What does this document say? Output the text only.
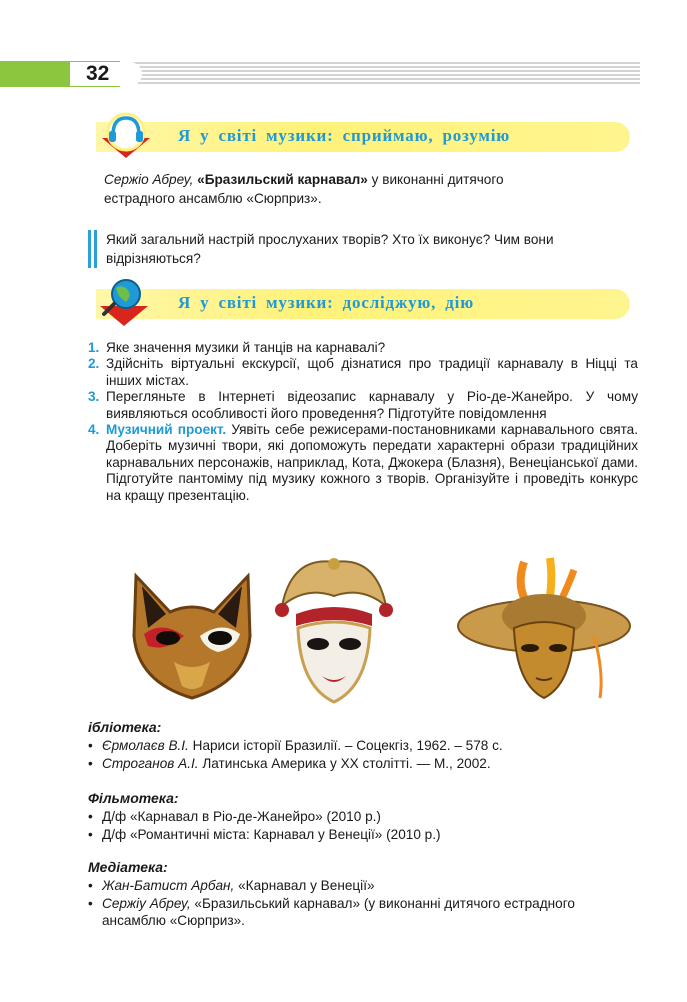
32
Я у світі музики: сприймаю, розумію
Сержіо Абреу, «Бразильский карнавал» у виконанні дитячого
естрадного ансамблю «Сюрприз».
Який загальний настрій прослуханих творів? Хто їх виконує? Чим вони
відрізняються?
Я у світі музики: досліджую, дію
1. Яке значення музики й танців на карнавалі?
2. Здійсніть віртуальні екскурсії, щоб дізнатися про традиції карнавалу в Ніцці та інших містах.
3. Перегляньте в Інтернеті відеозапис карнавалу у Ріо-де-Жанейро. У чому виявляються особливості його проведення? Підготуйте повідомлення
4. Музичний проект. Уявіть себе режисерами-постановниками карнавального свята. Доберіть музичні твори, які допоможуть передати характерні образи традиційних карнавальних персонажів, наприклад, Кота, Джокера (Блазня), Венеціанської дами. Підготуйте пантоміму під музику кожного з творів. Організуйте і проведіть конкурс на кращу презентацію.
іблiотека:
• Єрмолаєв В.І. Нариси історії Бразилії. – Соцекгіз, 1962. – 578 с.
• Строганов А.І. Латинська Америка у XX столітті. — М., 2002.
Фільмотека:
• Д/ф «Карнавал в Ріо-де-Жанейро» (2010 р.)
• Д/ф «Романтичні міста: Карнавал у Венеції» (2010 р.)
Медіатека:
• Жан-Батист Арбан, «Карнавал у Венеції»
• Сержіу Абреу, «Бразильський карнавал» (у виконанні дитячого естрадного ансамблю «Сюрприз».
